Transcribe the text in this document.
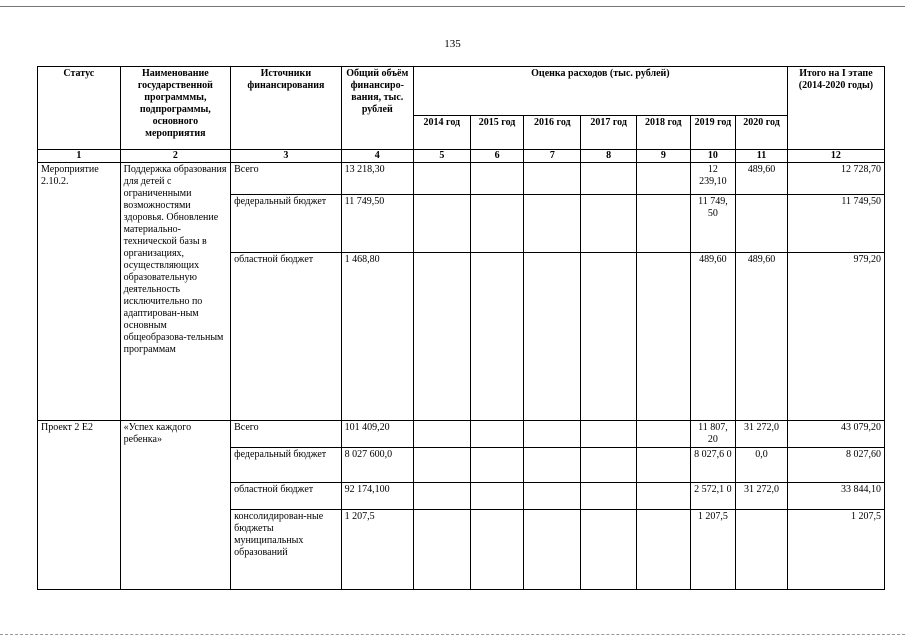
135
Статус	Наименование государственной программмы, подпрограммы, основного мероприятия	Источники финансирования	Общий объём финансиро-вания, тыс. рублей	Оценка расходов (тыс. рублей)							Итого на I этапе (2014-2020 годы)
				2014 год	2015 год	2016 год	2017 год	2018 год	2019 год	2020 год	
1	2	3	4	5	6	7	8	9	10	11	12
Мероприятие 2.10.2.	Поддержка образования для детей с ограниченными возможностями здоровья. Обновление материально-технической базы в организациях, осуществляющих образовательную деятельность исключительно по адаптирован-ным основным общеобразова-тельным программам	Всего	13 218,30						12 239,10	489,60	12 728,70
		федеральный бюджет	11 749,50						11 749, 50		11 749,50
		областной бюджет	1 468,80						489,60	489,60	979,20
Проект 2 Е2	«Успех каждого ребенка»	Всего	101 409,20						11 807, 20	31 272,0	43 079,20
		федеральный бюджет	8 027 600,0						8 027,6 0	0,0	8 027,60
		областной бюджет	92 174,100						2 572,1 0	31 272,0	33 844,10
		консолидирован-ные бюджеты муниципальных образований	1 207,5						1 207,5		1 207,5
